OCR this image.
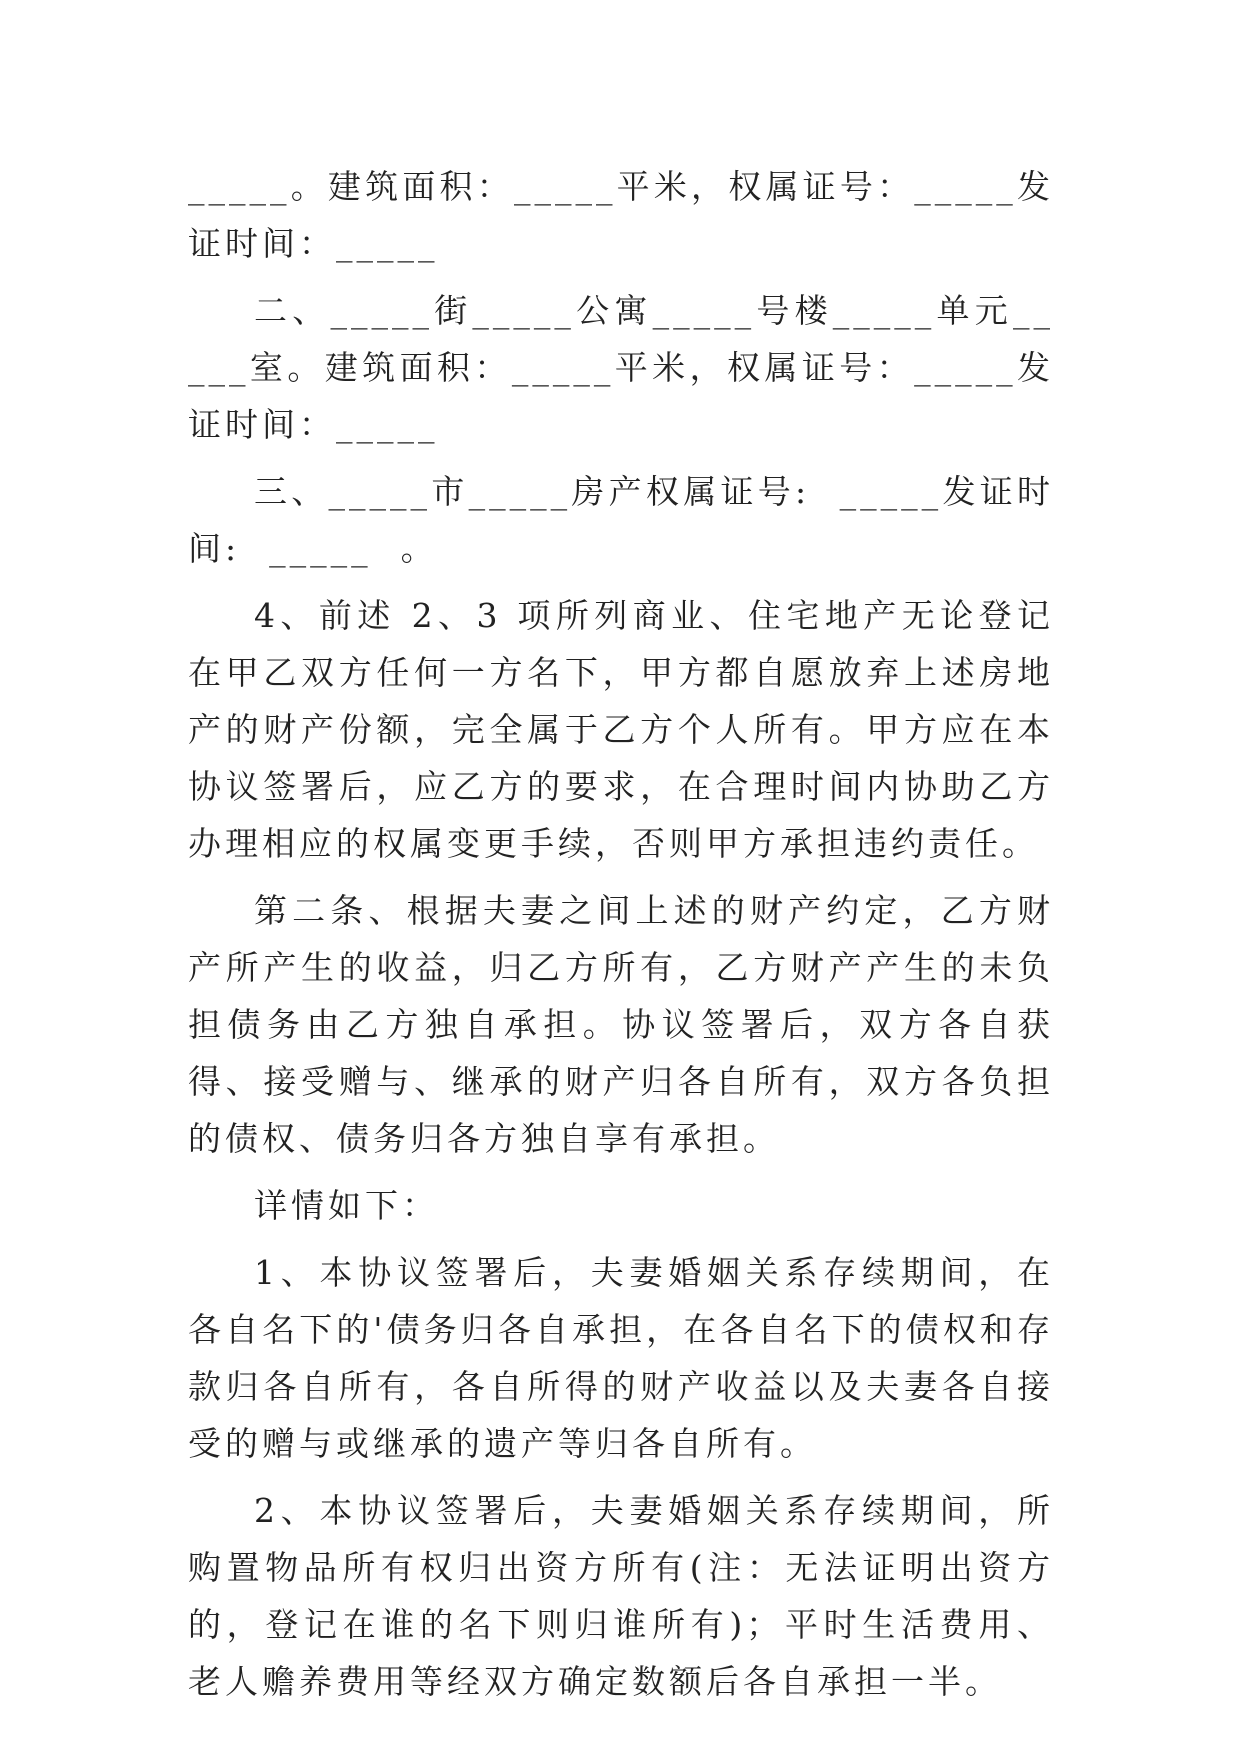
_____。建筑面积：_____平米，权属证号：_____发证时间：_____

二、_____街_____公寓_____号楼_____单元_____室。建筑面积：_____平米，权属证号：_____发证时间：_____

三、_____市_____房产权属证号:  _____发证时间:  _____  。

4、前述 2、3 项所列商业、住宅地产无论登记在甲乙双方任何一方名下，甲方都自愿放弃上述房地产的财产份额，完全属于乙方个人所有。甲方应在本协议签署后，应乙方的要求，在合理时间内协助乙方办理相应的权属变更手续，否则甲方承担违约责任。

第二条、根据夫妻之间上述的财产约定，乙方财产所产生的收益，归乙方所有，乙方财产产生的未负担债务由乙方独自承担。协议签署后，双方各自获得、接受赠与、继承的财产归各自所有，双方各负担的债权、债务归各方独自享有承担。

详情如下：

1、本协议签署后，夫妻婚姻关系存续期间，在各自名下的'债务归各自承担，在各自名下的债权和存款归各自所有，各自所得的财产收益以及夫妻各自接受的赠与或继承的遗产等归各自所有。

2、本协议签署后，夫妻婚姻关系存续期间，所购置物品所有权归出资方所有(注：无法证明出资方的，登记在谁的名下则归谁所有)；平时生活费用、老人赡养费用等经双方确定数额后各自承担一半。
